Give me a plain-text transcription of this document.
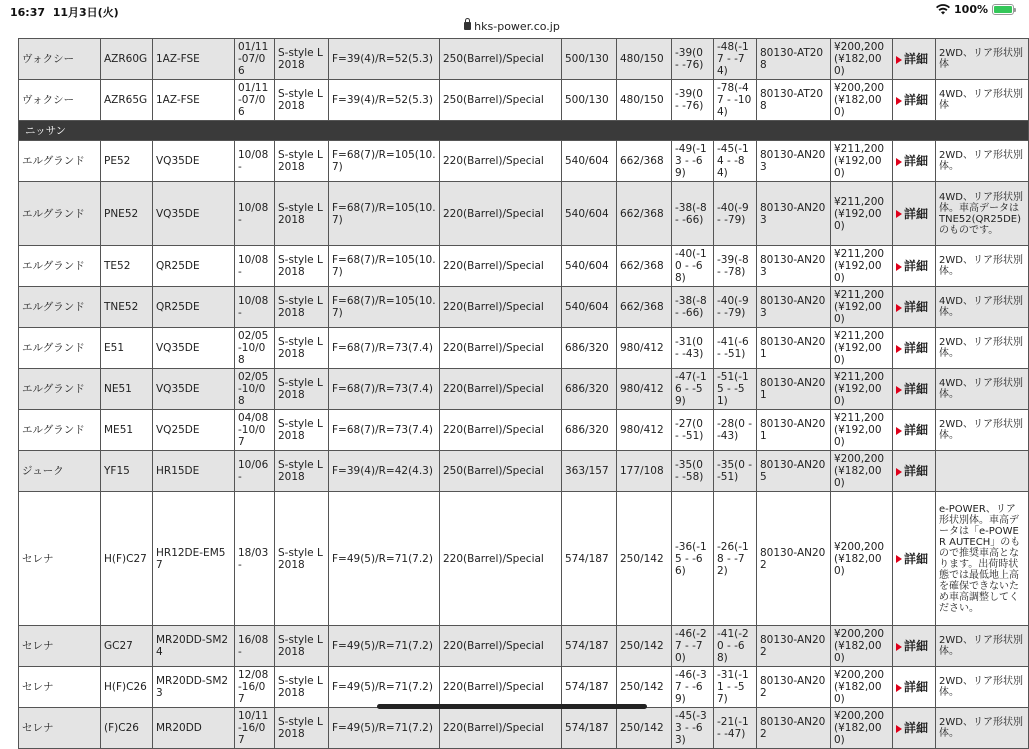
16:37 11月3日(火)	100%
hks-power.co.jp
ヴォクシー	AZR60G	1AZ-FSE	01/11-07/06	S-style L 2018	F=39(4)/R=52(5.3)	250(Barrel)/Special	500/130	480/150	-39(0 - -76)	-48(-17 - -74)	80130-AT208	¥200,200 (¥182,000)	詳細	2WD、リア形状別体
ヴォクシー	AZR65G	1AZ-FSE	01/11-07/06	S-style L 2018	F=39(4)/R=52(5.3)	250(Barrel)/Special	500/130	480/150	-39(0 - -76)	-78(-47 - -104)	80130-AT208	¥200,200 (¥182,000)	詳細	4WD、リア形状別体
ニッサン														
エルグランド	PE52	VQ35DE	10/08-	S-style L 2018	F=68(7)/R=105(10.7)	220(Barrel)/Special	540/604	662/368	-49(-13 - -69)	-45(-14 - -84)	80130-AN203	¥211,200 (¥192,000)	詳細	2WD、リア形状別体。
エルグランド	PNE52	VQ35DE	10/08-	S-style L 2018	F=68(7)/R=105(10.7)	220(Barrel)/Special	540/604	662/368	-38(-8 - -66)	-40(-9 - -79)	80130-AN203	¥211,200 (¥192,000)	詳細	4WD、リア形状別体。車高データは TNE52(QR25DE) のものです。
エルグランド	TE52	QR25DE	10/08-	S-style L 2018	F=68(7)/R=105(10.7)	220(Barrel)/Special	540/604	662/368	-40(-10 - -68)	-39(-8 - -78)	80130-AN203	¥211,200 (¥192,000)	詳細	2WD、リア形状別体。
エルグランド	TNE52	QR25DE	10/08-	S-style L 2018	F=68(7)/R=105(10.7)	220(Barrel)/Special	540/604	662/368	-38(-8 - -66)	-40(-9 - -79)	80130-AN203	¥211,200 (¥192,000)	詳細	4WD、リア形状別体。
エルグランド	E51	VQ35DE	02/05-10/08	S-style L 2018	F=68(7)/R=73(7.4)	220(Barrel)/Special	686/320	980/412	-31(0 - -43)	-41(-6 - -51)	80130-AN201	¥211,200 (¥192,000)	詳細	2WD、リア形状別体。
エルグランド	NE51	VQ35DE	02/05-10/08	S-style L 2018	F=68(7)/R=73(7.4)	220(Barrel)/Special	686/320	980/412	-47(-16 - -59)	-51(-15 - -51)	80130-AN201	¥211,200 (¥192,000)	詳細	4WD、リア形状別体。
エルグランド	ME51	VQ25DE	04/08-10/07	S-style L 2018	F=68(7)/R=73(7.4)	220(Barrel)/Special	686/320	980/412	-27(0 - -51)	-28(0 - -43)	80130-AN201	¥211,200 (¥192,000)	詳細	2WD、リア形状別体。
ジューク	YF15	HR15DE	10/06-	S-style L 2018	F=39(4)/R=42(4.3)	250(Barrel)/Special	363/157	177/108	-35(0 - -58)	-35(0 - -51)	80130-AN205	¥200,200 (¥182,000)	詳細	
セレナ	H(F)C27	HR12DE-EM57	18/03-	S-style L 2018	F=49(5)/R=71(7.2)	220(Barrel)/Special	574/187	250/142	-36(-15 - -66)	-26(-18 - -72)	80130-AN202	¥200,200 (¥182,000)	詳細	e-POWER、リア形状別体。車高データは「e-POWER AUTECH」のもので推奨車高となります。出荷時状態では最低地上高を確保できないため車高調整してください。
セレナ	GC27	MR20DD-SM24	16/08-	S-style L 2018	F=49(5)/R=71(7.2)	220(Barrel)/Special	574/187	250/142	-46(-27 - -70)	-41(-20 - -68)	80130-AN202	¥200,200 (¥182,000)	詳細	2WD、リア形状別体。
セレナ	H(F)C26	MR20DD-SM23	12/08-16/07	S-style L 2018	F=49(5)/R=71(7.2)	220(Barrel)/Special	574/187	250/142	-46(-37 - -69)	-31(-11 - -57)	80130-AN202	¥200,200 (¥182,000)	詳細	2WD、リア形状別体。
セレナ	(F)C26	MR20DD	10/11-16/07	S-style L 2018	F=49(5)/R=71(7.2)	220(Barrel)/Special	574/187	250/142	-45(-33 - -63)	-21(-1 - -47)	80130-AN202	¥200,200 (¥182,000)	詳細	2WD、リア形状別体。
